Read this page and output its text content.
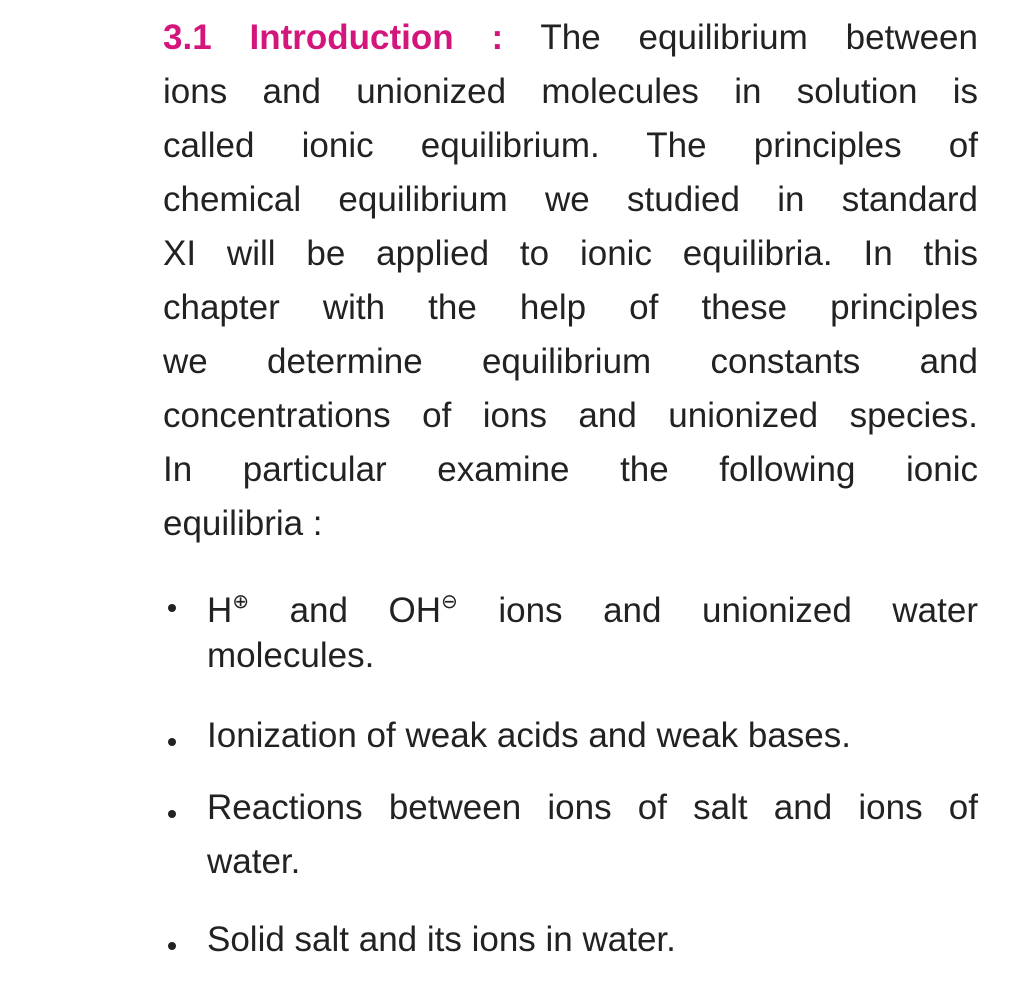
3.1 Introduction : The equilibrium between
ions and unionized molecules in solution is
called ionic equilibrium. The principles of
chemical equilibrium we studied in standard
XI will be applied to ionic equilibria. In this
chapter with the help of these principles
we determine equilibrium constants and
concentrations of ions and unionized species.
In particular examine the following ionic
equilibria :
H⊕ and OH⊖ ions and unionized water
molecules.
Ionization of weak acids and weak bases.
Reactions between ions of salt and ions of
water.
Solid salt and its ions in water.
